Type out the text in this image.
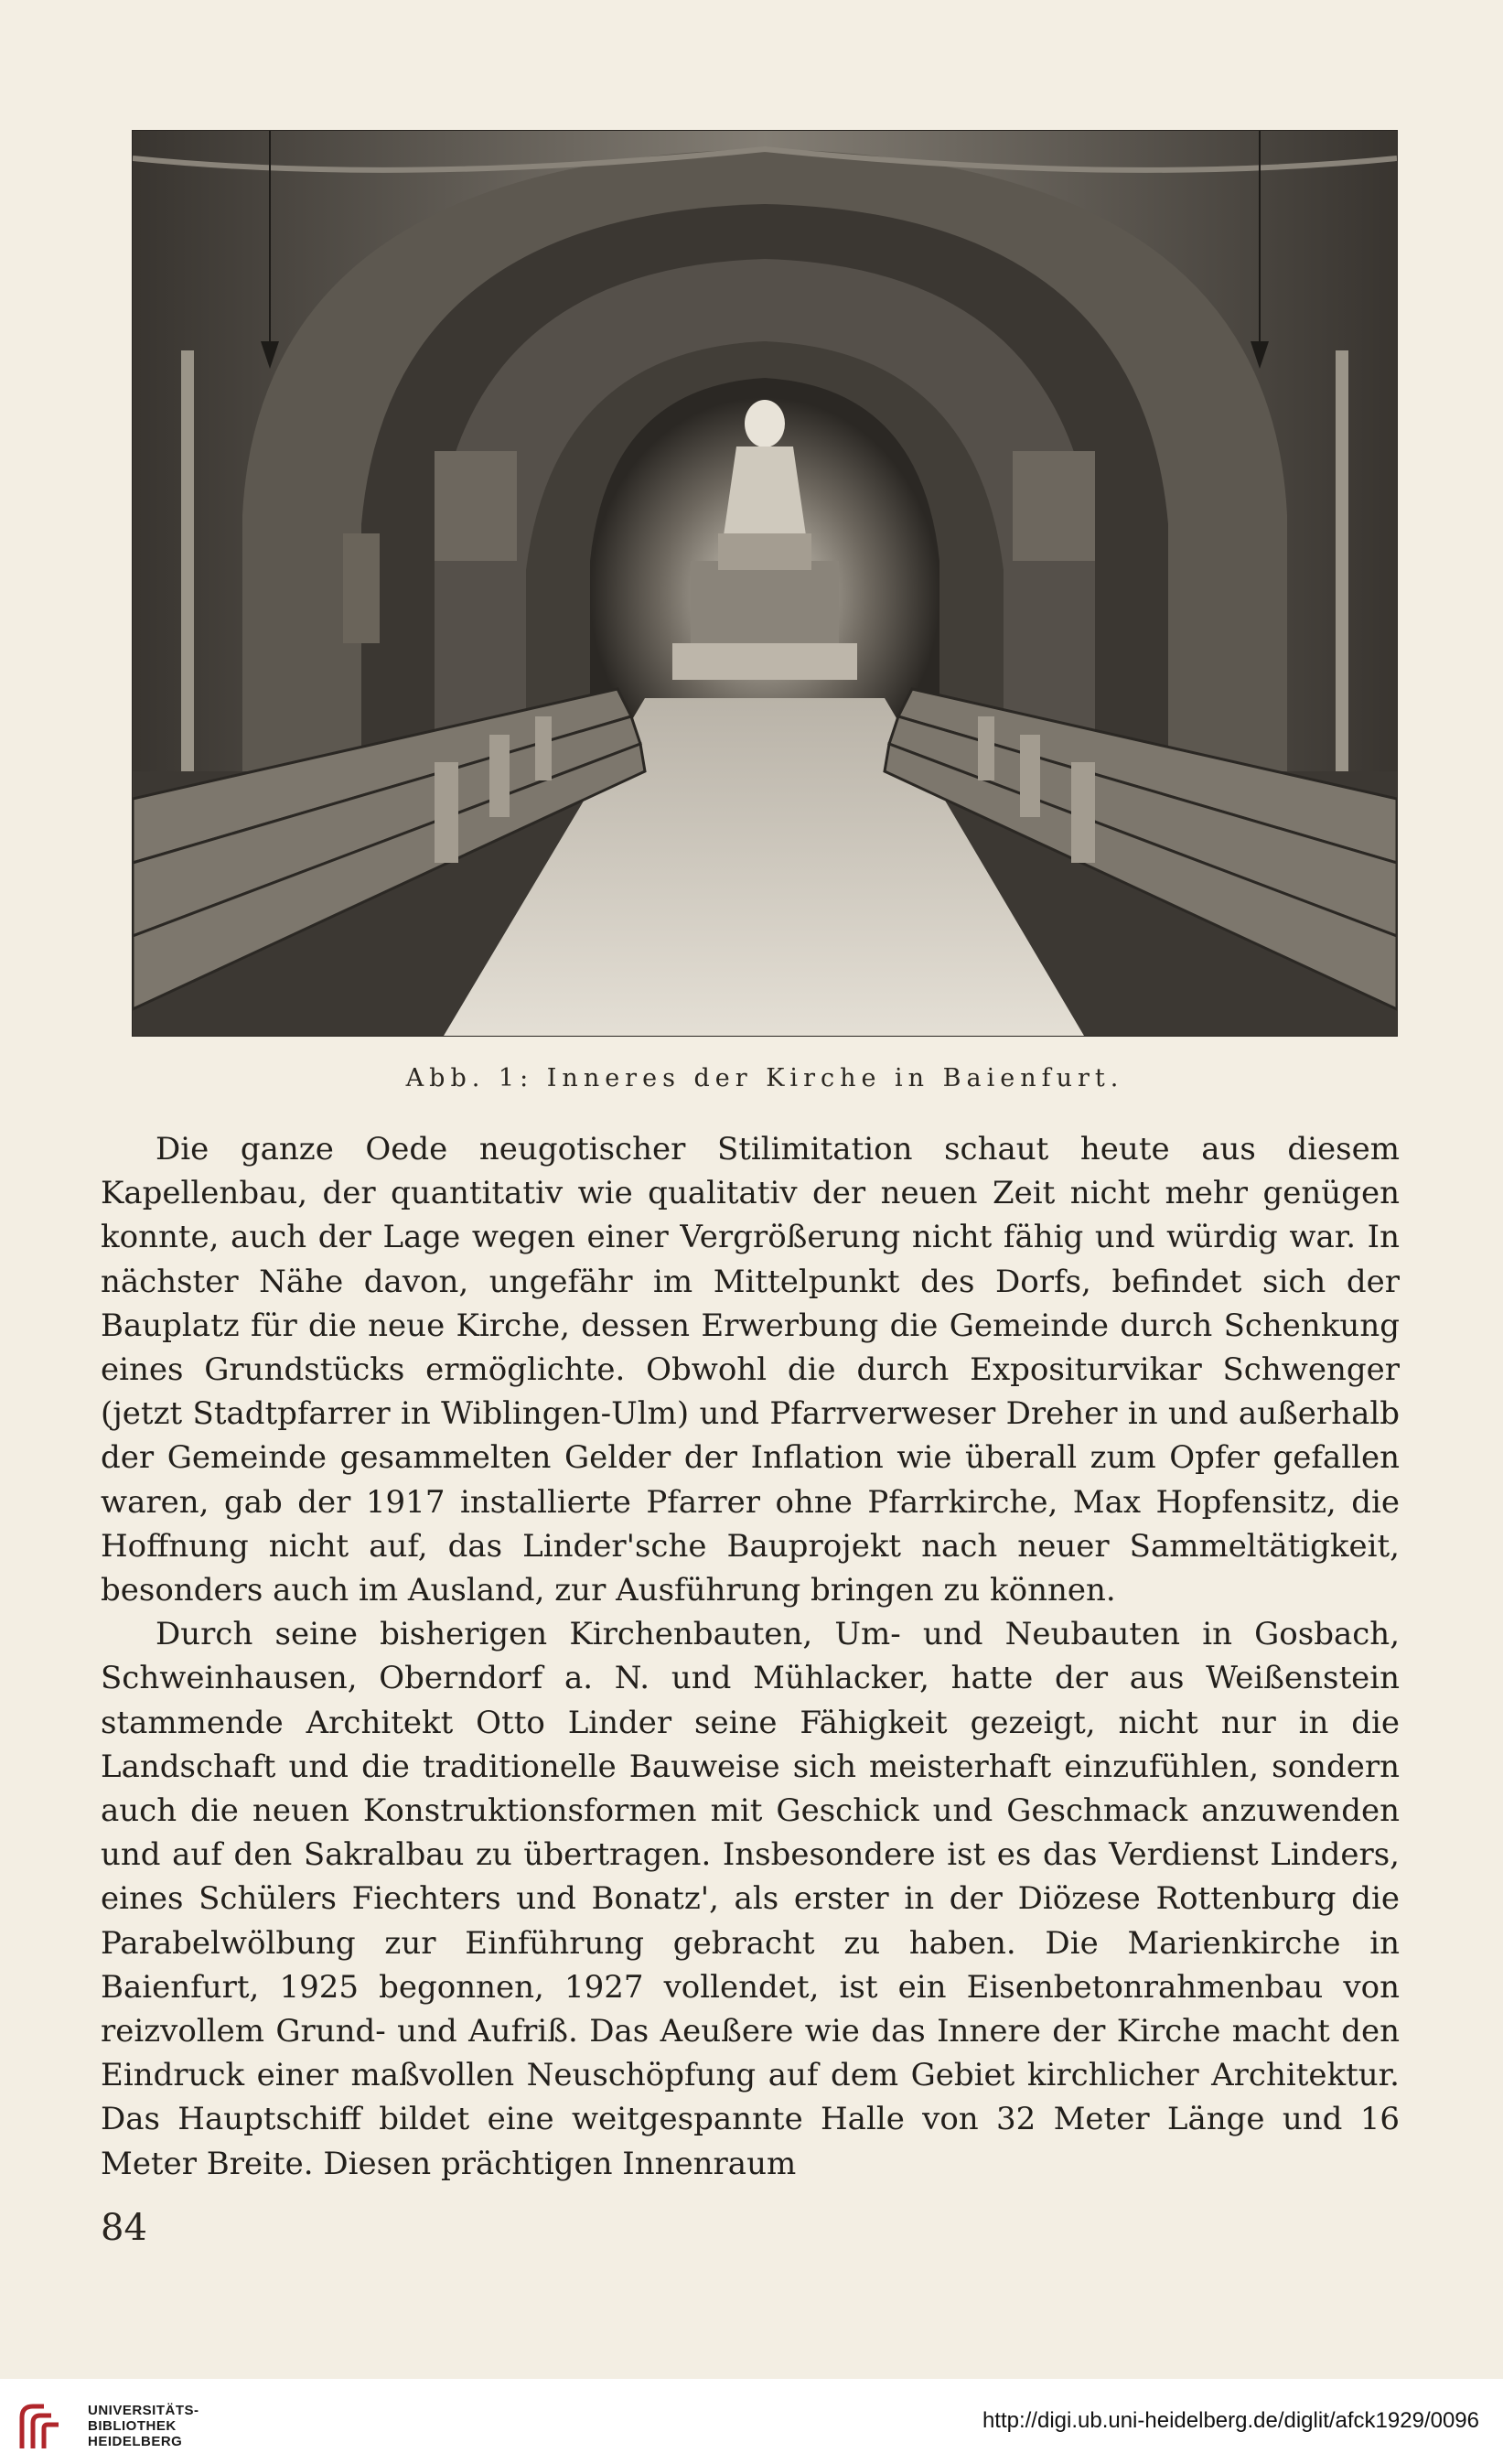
Abb. 1: Inneres der Kirche in Baienfurt.

Die ganze Oede neugotischer Stilimitation schaut heute aus diesem Kapellenbau, der quantitativ wie qualitativ der neuen Zeit nicht mehr genügen konnte, auch der Lage wegen einer Vergrößerung nicht fähig und würdig war. In nächster Nähe davon, ungefähr im Mittelpunkt des Dorfs, befindet sich der Bauplatz für die neue Kirche, dessen Erwerbung die Gemeinde durch Schenkung eines Grundstücks ermöglichte. Obwohl die durch Expositurvikar Schwenger (jetzt Stadtpfarrer in Wiblingen-Ulm) und Pfarrverweser Dreher in und außerhalb der Gemeinde gesammelten Gelder der Inflation wie überall zum Opfer gefallen waren, gab der 1917 installierte Pfarrer ohne Pfarrkirche, Max Hopfensitz, die Hoffnung nicht auf, das Linder'sche Bauprojekt nach neuer Sammeltätigkeit, besonders auch im Ausland, zur Ausführung bringen zu können.

Durch seine bisherigen Kirchenbauten, Um- und Neubauten in Gosbach, Schweinhausen, Oberndorf a. N. und Mühlacker, hatte der aus Weißenstein stammende Architekt Otto Linder seine Fähigkeit gezeigt, nicht nur in die Landschaft und die traditionelle Bauweise sich meisterhaft einzufühlen, sondern auch die neuen Konstruktionsformen mit Geschick und Geschmack anzuwenden und auf den Sakralbau zu übertragen. Insbesondere ist es das Verdienst Linders, eines Schülers Fiechters und Bonatz', als erster in der Diözese Rottenburg die Parabelwölbung zur Einführung gebracht zu haben. Die Marienkirche in Baienfurt, 1925 begonnen, 1927 vollendet, ist ein Eisenbetonrahmenbau von reizvollem Grund- und Aufriß. Das Aeußere wie das Innere der Kirche macht den Eindruck einer maßvollen Neuschöpfung auf dem Gebiet kirchlicher Architektur. Das Hauptschiff bildet eine weitgespannte Halle von 32 Meter Länge und 16 Meter Breite. Diesen prächtigen Innenraum

84
UNIVERSITÄTS-
BIBLIOTHEK
HEIDELBERG
http://digi.ub.uni-heidelberg.de/diglit/afck1929/0096
